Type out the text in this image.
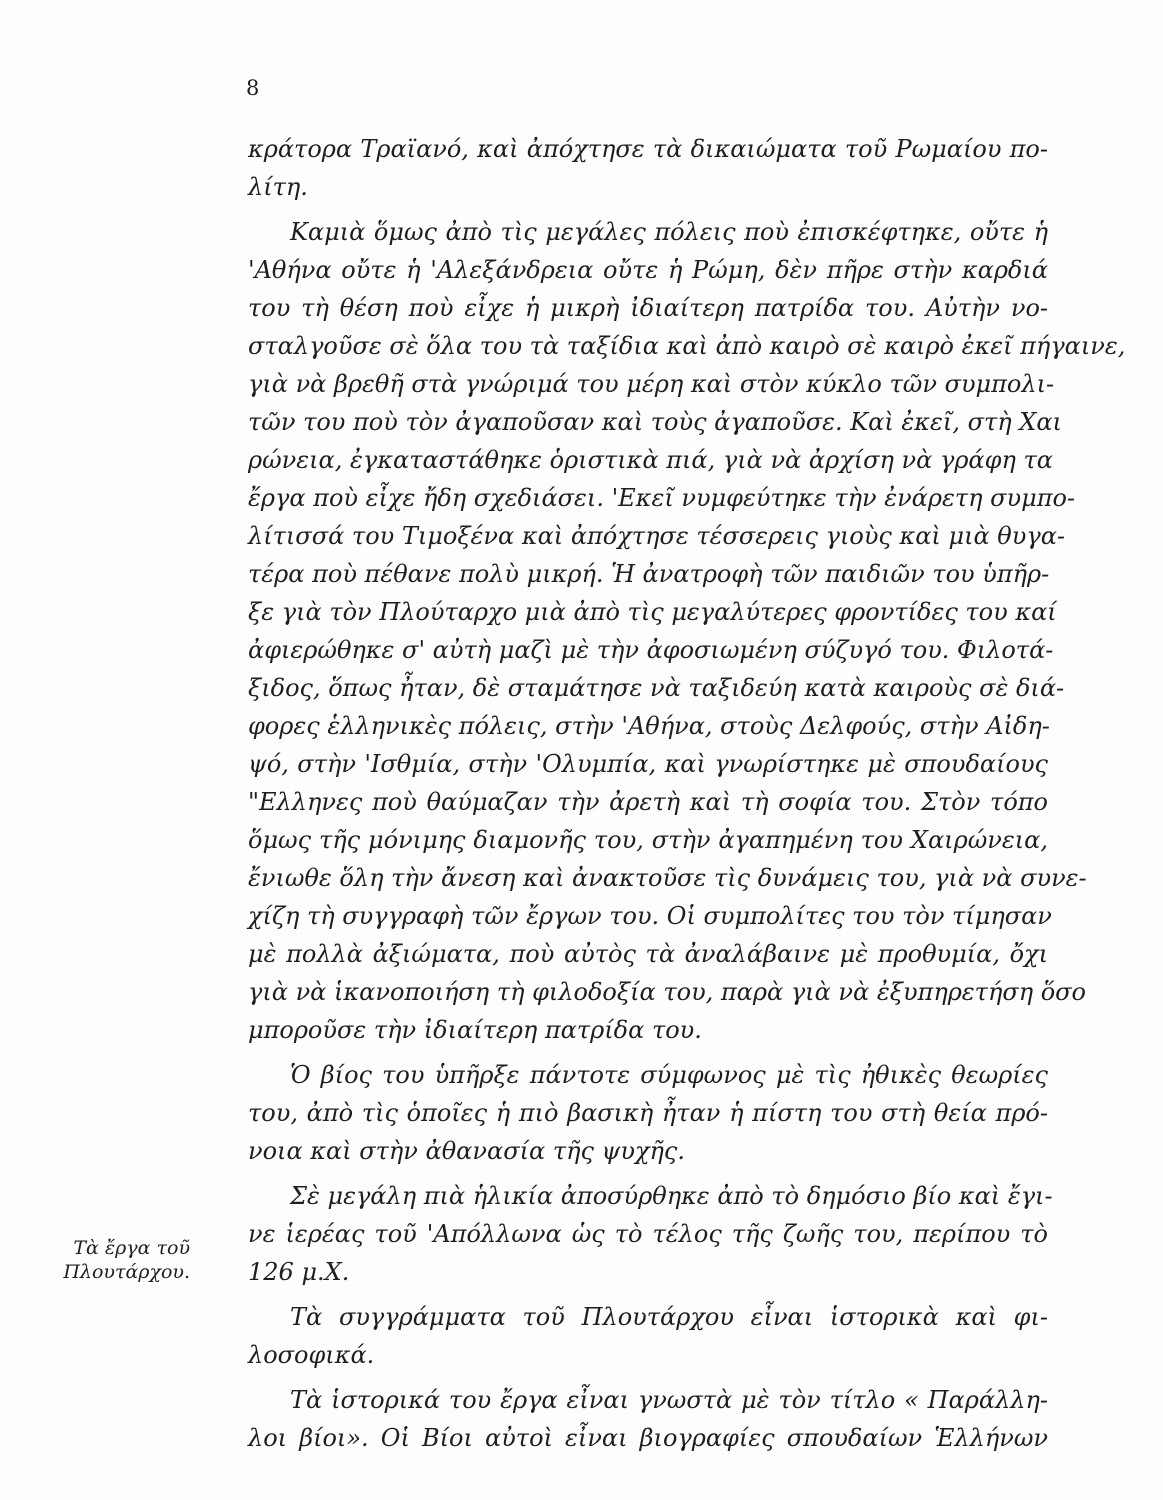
8
Τὰ ἔργα τοῦ
Πλουτάρχου.
κράτορα Τραϊανό, καὶ ἀπόχτησε τὰ δικαιώματα τοῦ Ρωμαίου πο-
λίτη.
Καμιὰ ὅμως ἀπὸ τὶς μεγάλες πόλεις ποὺ ἐπισκέφτηκε, οὔτε ἡ
'Αθήνα οὔτε ἡ 'Αλεξάνδρεια οὔτε ἡ Ρώμη, δὲν πῆρε στὴν καρδιά
του τὴ θέση ποὺ εἶχε ἡ μικρὴ ἰδιαίτερη πατρίδα του. Αὐτὴν νο-
σταλγοῦσε σὲ ὅλα του τὰ ταξίδια καὶ ἀπὸ καιρὸ σὲ καιρὸ ἐκεῖ πήγαινε,
γιὰ νὰ βρεθῆ στὰ γνώριμά του μέρη καὶ στὸν κύκλο τῶν συμπολι-
τῶν του ποὺ τὸν ἀγαποῦσαν καὶ τοὺς ἀγαποῦσε. Καὶ ἐκεῖ, στὴ Χαι
ρώνεια, ἐγκαταστάθηκε ὁριστικὰ πιά, γιὰ νὰ ἀρχίση νὰ γράφη τα
ἔργα ποὺ εἶχε ἤδη σχεδιάσει. 'Εκεῖ νυμφεύτηκε τὴν ἐνάρετη συμπο-
λίτισσά του Τιμοξένα καὶ ἀπόχτησε τέσσερεις γιοὺς καὶ μιὰ θυγα-
τέρα ποὺ πέθανε πολὺ μικρή. Ἡ ἀνατροφὴ τῶν παιδιῶν του ὑπῆρ-
ξε γιὰ τὸν Πλούταρχο μιὰ ἀπὸ τὶς μεγαλύτερες φροντίδες του καί
ἀφιερώθηκε σ' αὐτὴ μαζὶ μὲ τὴν ἀφοσιωμένη σύζυγό του. Φιλοτά-
ξιδος, ὅπως ἦταν, δὲ σταμάτησε νὰ ταξιδεύη κατὰ καιροὺς σὲ διά-
φορες ἑλληνικὲς πόλεις, στὴν 'Αθήνα, στοὺς Δελφούς, στὴν Αἰδη-
ψό, στὴν 'Ισθμία, στὴν 'Ολυμπία, καὶ γνωρίστηκε μὲ σπουδαίους
"Ελληνες ποὺ θαύμαζαν τὴν ἀρετὴ καὶ τὴ σοφία του. Στὸν τόπο
ὅμως τῆς μόνιμης διαμονῆς του, στὴν ἀγαπημένη του Χαιρώνεια,
ἔνιωθε ὅλη τὴν ἄνεση καὶ ἀνακτοῦσε τὶς δυνάμεις του, γιὰ νὰ συνε-
χίζη τὴ συγγραφὴ τῶν ἔργων του. Οἱ συμπολίτες του τὸν τίμησαν
μὲ πολλὰ ἀξιώματα, ποὺ αὐτὸς τὰ ἀναλάβαινε μὲ προθυμία, ὄχι
γιὰ νὰ ἱκανοποιήση τὴ φιλοδοξία του, παρὰ γιὰ νὰ ἐξυπηρετήση ὅσο
μποροῦσε τὴν ἰδιαίτερη πατρίδα του.
Ὁ βίος του ὑπῆρξε πάντοτε σύμφωνος μὲ τὶς ἠθικὲς θεωρίες
του, ἀπὸ τὶς ὁποῖες ἡ πιὸ βασικὴ ἦταν ἡ πίστη του στὴ θεία πρό-
νοια καὶ στὴν ἀθανασία τῆς ψυχῆς.
Σὲ μεγάλη πιὰ ἡλικία ἀποσύρθηκε ἀπὸ τὸ δημόσιο βίο καὶ ἔγι-
νε ἱερέας τοῦ 'Απόλλωνα ὡς τὸ τέλος τῆς ζωῆς του, περίπου τὸ
126 μ.Χ.
Τὰ συγγράμματα τοῦ Πλουτάρχου εἶναι ἱστορικὰ καὶ φι-
λοσοφικά.
Τὰ ἱστορικά του ἔργα εἶναι γνωστὰ μὲ τὸν τίτλο « Παράλλη-
λοι βίοι». Οἱ Βίοι αὐτοὶ εἶναι βιογραφίες σπουδαίων Ἑλλήνων
